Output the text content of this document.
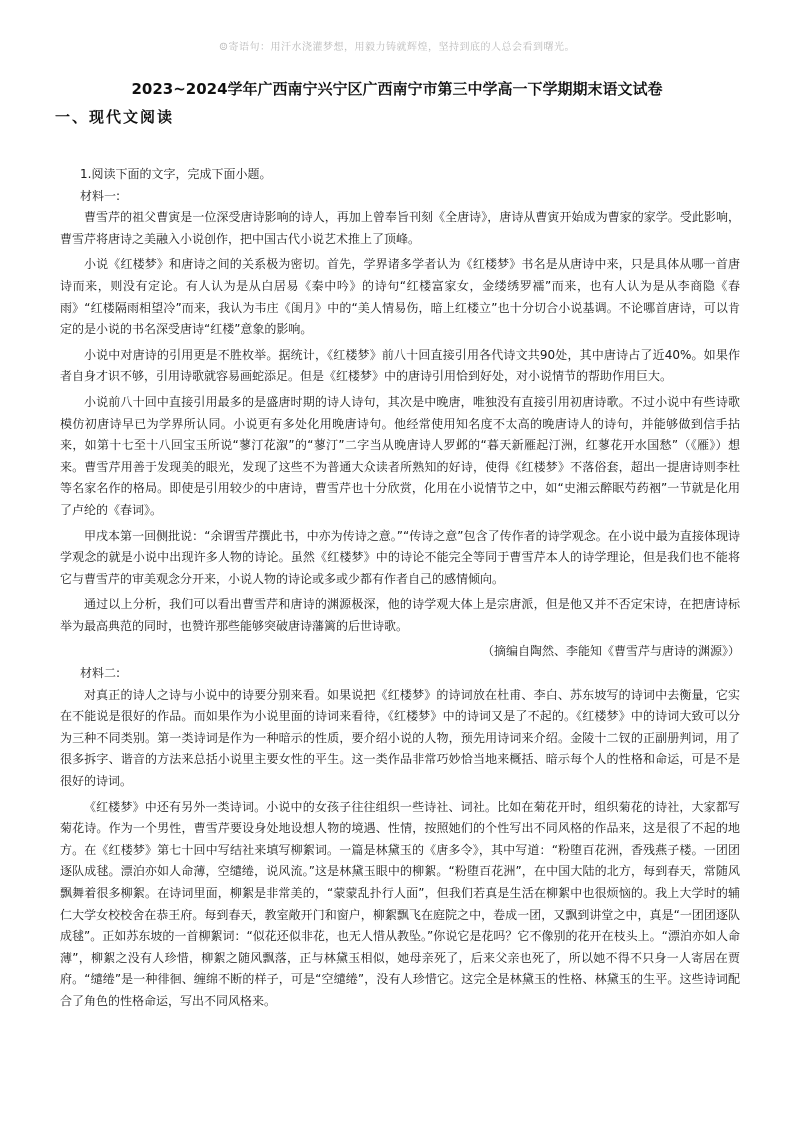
☺寄语句：用汗水浇灌梦想，用毅力铸就辉煌，坚持到底的人总会看到曙光。
2023~2024学年广西南宁兴宁区广西南宁市第三中学高一下学期期末语文试卷
一、现代文阅读

1.阅读下面的文字，完成下面小题。

材料一:

曹雪芹的祖父曹寅是一位深受唐诗影响的诗人，再加上曾奉旨刊刻《全唐诗》，唐诗从曹寅开始成为曹家的家学。受此影响，曹雪芹将唐诗之美融入小说创作，把中国古代小说艺术推上了顶峰。

小说《红楼梦》和唐诗之间的关系极为密切。首先，学界诸多学者认为《红楼梦》书名是从唐诗中来，只是具体从哪一首唐诗而来，则没有定论。有人认为是从白居易《秦中吟》的诗句“红楼富家女，金缕绣罗襦”而来，也有人认为是从李商隐《春雨》“红楼隔雨相望冷”而来，我认为韦庄《闺月》中的“美人情易伤，暗上红楼立”也十分切合小说基调。不论哪首唐诗，可以肯定的是小说的书名深受唐诗“红楼”意象的影响。

小说中对唐诗的引用更是不胜枚举。据统计，《红楼梦》前八十回直接引用各代诗文共90处，其中唐诗占了近40%。如果作者自身才识不够，引用诗歌就容易画蛇添足。但是《红楼梦》中的唐诗引用恰到好处，对小说情节的帮助作用巨大。

小说前八十回中直接引用最多的是盛唐时期的诗人诗句，其次是中晚唐，唯独没有直接引用初唐诗歌。不过小说中有些诗歌模仿初唐诗早已为学界所认同。小说更有多处化用晚唐诗句。他经常使用知名度不太高的晚唐诗人的诗句，并能够做到信手拈来，如第十七至十八回宝玉所说“蓼汀花溆”的“蓼汀”二字当从晚唐诗人罗邺的“暮天新雁起汀洲，红蓼花开水国愁”（《雁》）想来。曹雪芹用善于发现美的眼光，发现了这些不为普通大众读者所熟知的好诗，使得《红楼梦》不落俗套，超出一提唐诗则李杜等名家名作的格局。即使是引用较少的中唐诗，曹雪芹也十分欣赏，化用在小说情节之中，如“史湘云醉眠芍药裀”一节就是化用了卢纶的《春词》。

甲戌本第一回侧批说：“余谓雪芹撰此书，中亦为传诗之意。”“传诗之意”包含了传作者的诗学观念。在小说中最为直接体现诗学观念的就是小说中出现许多人物的诗论。虽然《红楼梦》中的诗论不能完全等同于曹雪芹本人的诗学理论，但是我们也不能将它与曹雪芹的审美观念分开来，小说人物的诗论或多或少都有作者自己的感情倾向。

通过以上分析，我们可以看出曹雪芹和唐诗的渊源极深，他的诗学观大体上是宗唐派，但是他又并不否定宋诗，在把唐诗标举为最高典范的同时，也赞许那些能够突破唐诗藩篱的后世诗歌。

（摘编自陶然、李能知《曹雪芹与唐诗的渊源》）

材料二:

对真正的诗人之诗与小说中的诗要分别来看。如果说把《红楼梦》的诗词放在杜甫、李白、苏东坡写的诗词中去衡量，它实在不能说是很好的作品。而如果作为小说里面的诗词来看待，《红楼梦》中的诗词又是了不起的。《红楼梦》中的诗词大致可以分为三种不同类别。第一类诗词是作为一种暗示的性质，要介绍小说的人物，预先用诗词来介绍。金陵十二钗的正副册判词，用了很多拆字、谐音的方法来总括小说里主要女性的平生。这一类作品非常巧妙恰当地来概括、暗示每个人的性格和命运，可是不是很好的诗词。

《红楼梦》中还有另外一类诗词。小说中的女孩子往往组织一些诗社、词社。比如在菊花开时，组织菊花的诗社，大家都写菊花诗。作为一个男性，曹雪芹要设身处地设想人物的境遇、性情，按照她们的个性写出不同风格的作品来，这是很了不起的地方。在《红楼梦》第七十回中写结社来填写柳絮词。一篇是林黛玉的《唐多令》，其中写道：“粉堕百花洲，香残燕子楼。一团团逐队成毬。漂泊亦如人命薄，空缱绻，说风流。”这是林黛玉眼中的柳絮。“粉堕百花洲”，在中国大陆的北方，每到春天，常随风飘舞着很多柳絮。在诗词里面，柳絮是非常美的，“蒙蒙乱扑行人面”，但我们若真是生活在柳絮中也很烦恼的。我上大学时的辅仁大学女校校舍在恭王府。每到春天，教室敞开门和窗户，柳絮飘飞在庭院之中，卷成一团，又飘到讲堂之中，真是“一团团逐队成毬”。正如苏东坡的一首柳絮词：“似花还似非花，也无人惜从教坠。”你说它是花吗？它不像别的花开在枝头上。“漂泊亦如人命薄”，柳絮之没有人珍惜，柳絮之随风飘落，正与林黛玉相似，她母亲死了，后来父亲也死了，所以她不得不只身一人寄居在贾府。“缱绻”是一种徘徊、缠绵不断的样子，可是“空缱绻”，没有人珍惜它。这完全是林黛玉的性格、林黛玉的生平。这些诗词配合了角色的性格命运，写出不同风格来。
